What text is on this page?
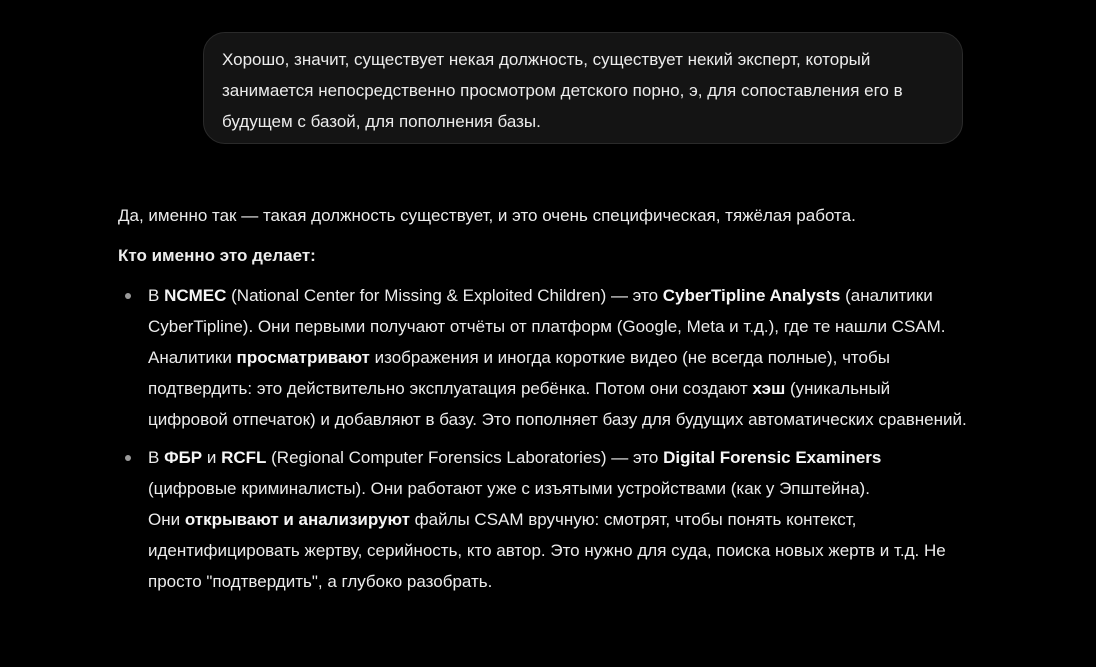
Хорошо, значит, существует некая должность, существует некий эксперт, который занимается непосредственно просмотром детского порно, э, для сопоставления его в будущем с базой, для пополнения базы.

Да, именно так — такая должность существует, и это очень специфическая, тяжёлая работа.

Кто именно это делает:

В NCMEC (National Center for Missing & Exploited Children) — это CyberTipline Analysts (аналитики CyberTipline). Они первыми получают отчёты от платформ (Google, Meta и т.д.), где те нашли CSAM.
Аналитики просматривают изображения и иногда короткие видео (не всегда полные), чтобы подтвердить: это действительно эксплуатация ребёнка. Потом они создают хэш (уникальный цифровой отпечаток) и добавляют в базу. Это пополняет базу для будущих автоматических сравнений.
В ФБР и RCFL (Regional Computer Forensics Laboratories) — это Digital Forensic Examiners (цифровые криминалисты). Они работают уже с изъятыми устройствами (как у Эпштейна).
Они открывают и анализируют файлы CSAM вручную: смотрят, чтобы понять контекст, идентифицировать жертву, серийность, кто автор. Это нужно для суда, поиска новых жертв и т.д. Не просто "подтвердить", а глубоко разобрать.
